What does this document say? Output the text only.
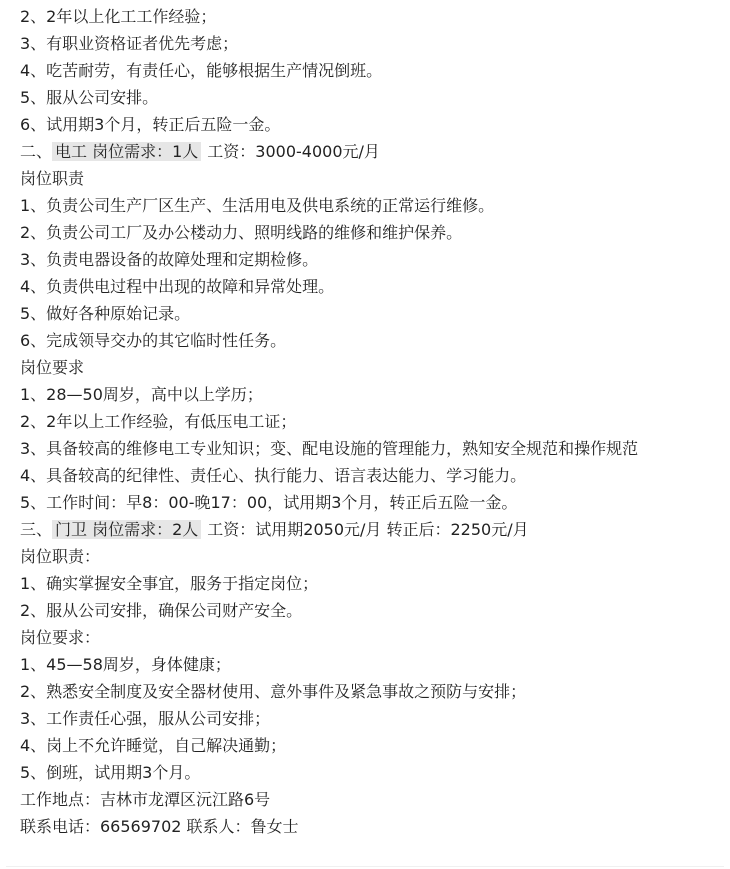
2、2年以上化工工作经验；
3、有职业资格证者优先考虑；
4、吃苦耐劳，有责任心，能够根据生产情况倒班。
5、服从公司安排。
6、试用期3个月，转正后五险一金。
二、 电工 岗位需求：1人 工资：3000-4000元/月
岗位职责
1、负责公司生产厂区生产、生活用电及供电系统的正常运行维修。
2、负责公司工厂及办公楼动力、照明线路的维修和维护保养。
3、负责电器设备的故障处理和定期检修。
4、负责供电过程中出现的故障和异常处理。
5、做好各种原始记录。
6、完成领导交办的其它临时性任务。
岗位要求
1、28—50周岁，高中以上学历；
2、2年以上工作经验，有低压电工证；
3、具备较高的维修电工专业知识；变、配电设施的管理能力，熟知安全规范和操作规范
4、具备较高的纪律性、责任心、执行能力、语言表达能力、学习能力。
5、工作时间：早8：00-晚17：00，试用期3个月，转正后五险一金。
三、 门卫 岗位需求：2人 工资：试用期2050元/月 转正后：2250元/月
岗位职责：
1、确实掌握安全事宜，服务于指定岗位；
2、服从公司安排，确保公司财产安全。
岗位要求：
1、45—58周岁，身体健康；
2、熟悉安全制度及安全器材使用、意外事件及紧急事故之预防与安排；
3、工作责任心强，服从公司安排；
4、岗上不允许睡觉，自己解决通勤；
5、倒班，试用期3个月。
工作地点：吉林市龙潭区沅江路6号
联系电话：66569702 联系人：鲁女士
